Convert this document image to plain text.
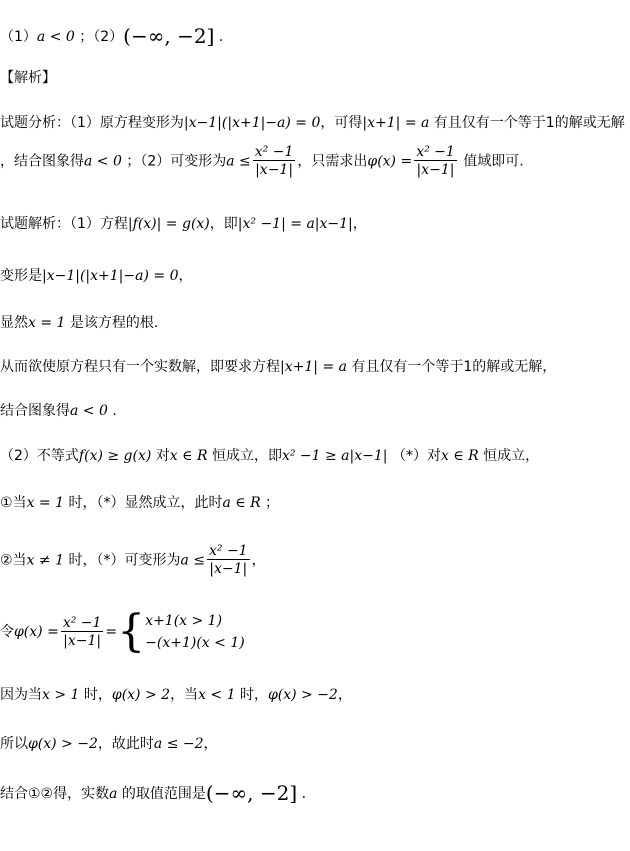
（1）a < 0 ；（2）(−∞, −2] .
【解析】
试题分析：（1）原方程变形为|x−1|(|x+1|−a) = 0，可得|x+1| = a 有且仅有一个等于1的解或无解
，结合图象得a < 0 ；（2）可变形为$a \le \frac{\text{x² −1}}{|x-1|}$ ，只需求出$\varphi(x) = \frac{\text{x² −1}}{|x-1|}$ 值域即可.
试题解析：（1）方程|f(x)| = g(x)，即|x² −1| = a|x−1|，
变形是|x−1|(|x+1|−a) = 0，
显然x = 1 是该方程的根.
从而欲使原方程只有一个实数解，即要求方程|x+1| = a 有且仅有一个等于1的解或无解，
结合图象得a < 0 .
（2）不等式f(x) ≥ g(x) 对x ∈ R 恒成立，即x² −1 ≥ a|x−1| （*）对x ∈ R 恒成立，
①当x = 1 时，（*）显然成立，此时a ∈ R ；
②当x ≠ 1 时，（*）可变形为$a \le \frac{\text{x² −1}}{|x-1|}$ ，
令$\varphi(x) = \frac{\text{x² −1}}{|x-1|}$ ={ x+1(x > 1)
−(x+1)(x < 1)
因为当x > 1 时，φ(x) > 2，当x < 1 时，φ(x) > −2，
所以φ(x) > −2，故此时a ≤ −2，
结合①②得，实数a 的取值范围是(−∞, −2] .
